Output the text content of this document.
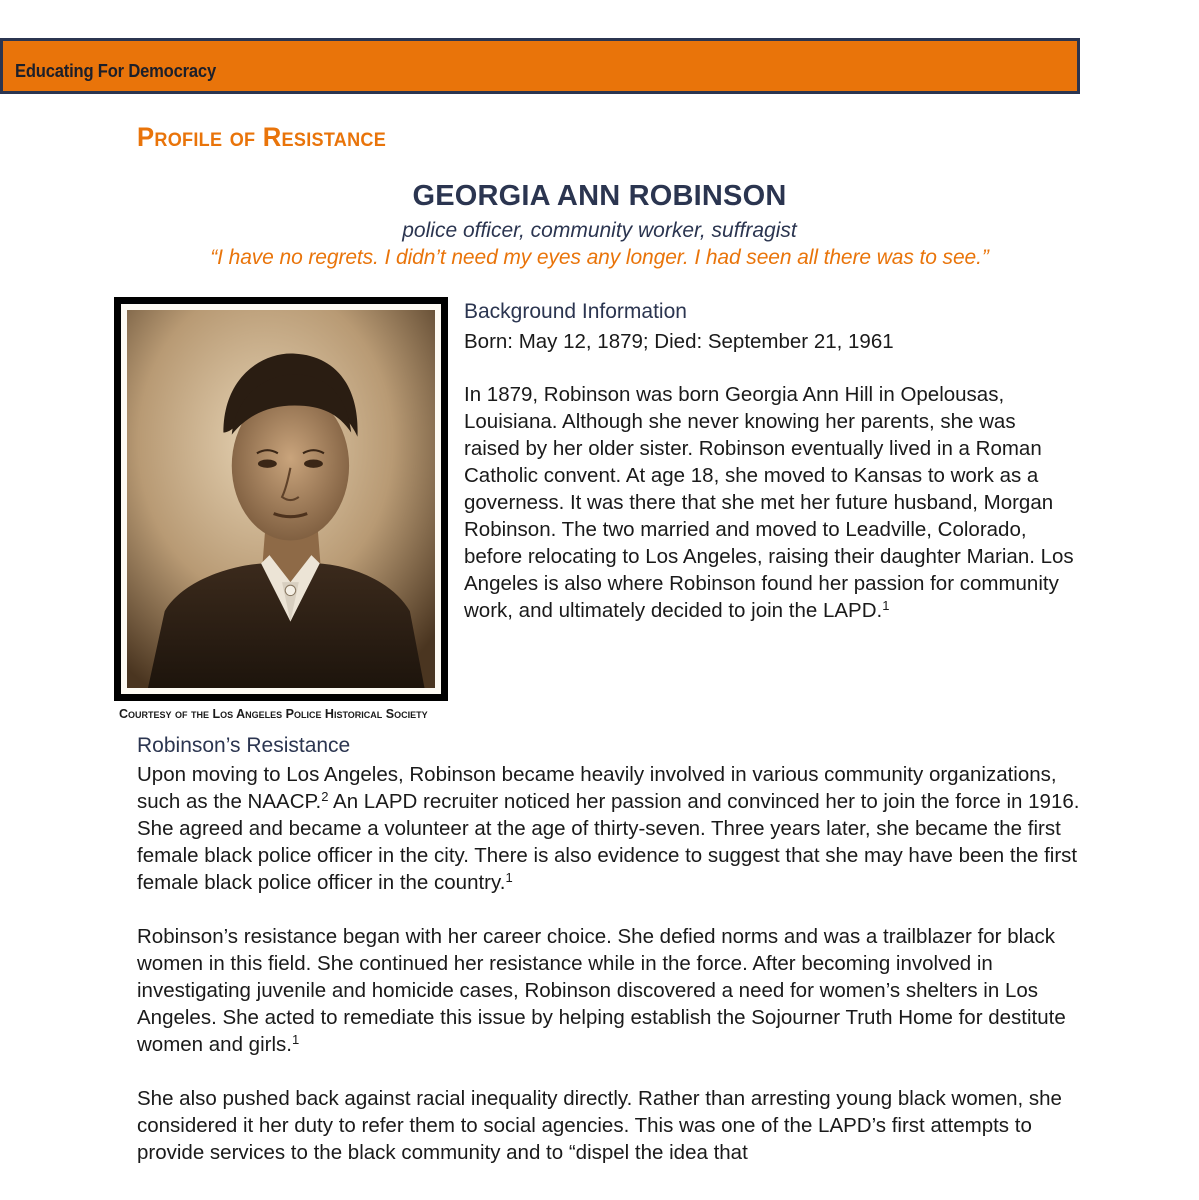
Educating For Democracy
Profile of Resistance
GEORGIA ANN ROBINSON
police officer, community worker, suffragist
“I have no regrets. I didn’t need my eyes any longer. I had seen all there was to see.”
Courtesy of the Los Angeles Police Historical Society
Background Information
Born: May 12, 1879; Died: September 21, 1961
In 1879, Robinson was born Georgia Ann Hill in Opelousas, Louisiana. Although she never knowing her parents, she was raised by her older sister. Robinson eventually lived in a Roman Catholic convent. At age 18, she moved to Kansas to work as a governess. It was there that she met her future husband, Morgan Robinson. The two married and moved to Leadville, Colorado, before relocating to Los Angeles, raising their daughter Marian. Los Angeles is also where Robinson found her passion for community work, and ultimately decided to join the LAPD.$^1$
Robinson’s Resistance

Upon moving to Los Angeles, Robinson became heavily involved in various community organizations, such as the NAACP.$^2$ An LAPD recruiter noticed her passion and convinced her to join the force in 1916. She agreed and became a volunteer at the age of thirty-seven. Three years later, she became the first female black police officer in the city. There is also evidence to suggest that she may have been the first female black police officer in the country.$^1$

Robinson’s resistance began with her career choice. She defied norms and was a trailblazer for black women in this field. She continued her resistance while in the force. After becoming involved in investigating juvenile and homicide cases, Robinson discovered a need for women’s shelters in Los Angeles. She acted to remediate this issue by helping establish the Sojourner Truth Home for destitute women and girls.$^1$

She also pushed back against racial inequality directly. Rather than arresting young black women, she considered it her duty to refer them to social agencies. This was one of the LAPD’s first attempts to provide services to the black community and to “dispel the idea that
